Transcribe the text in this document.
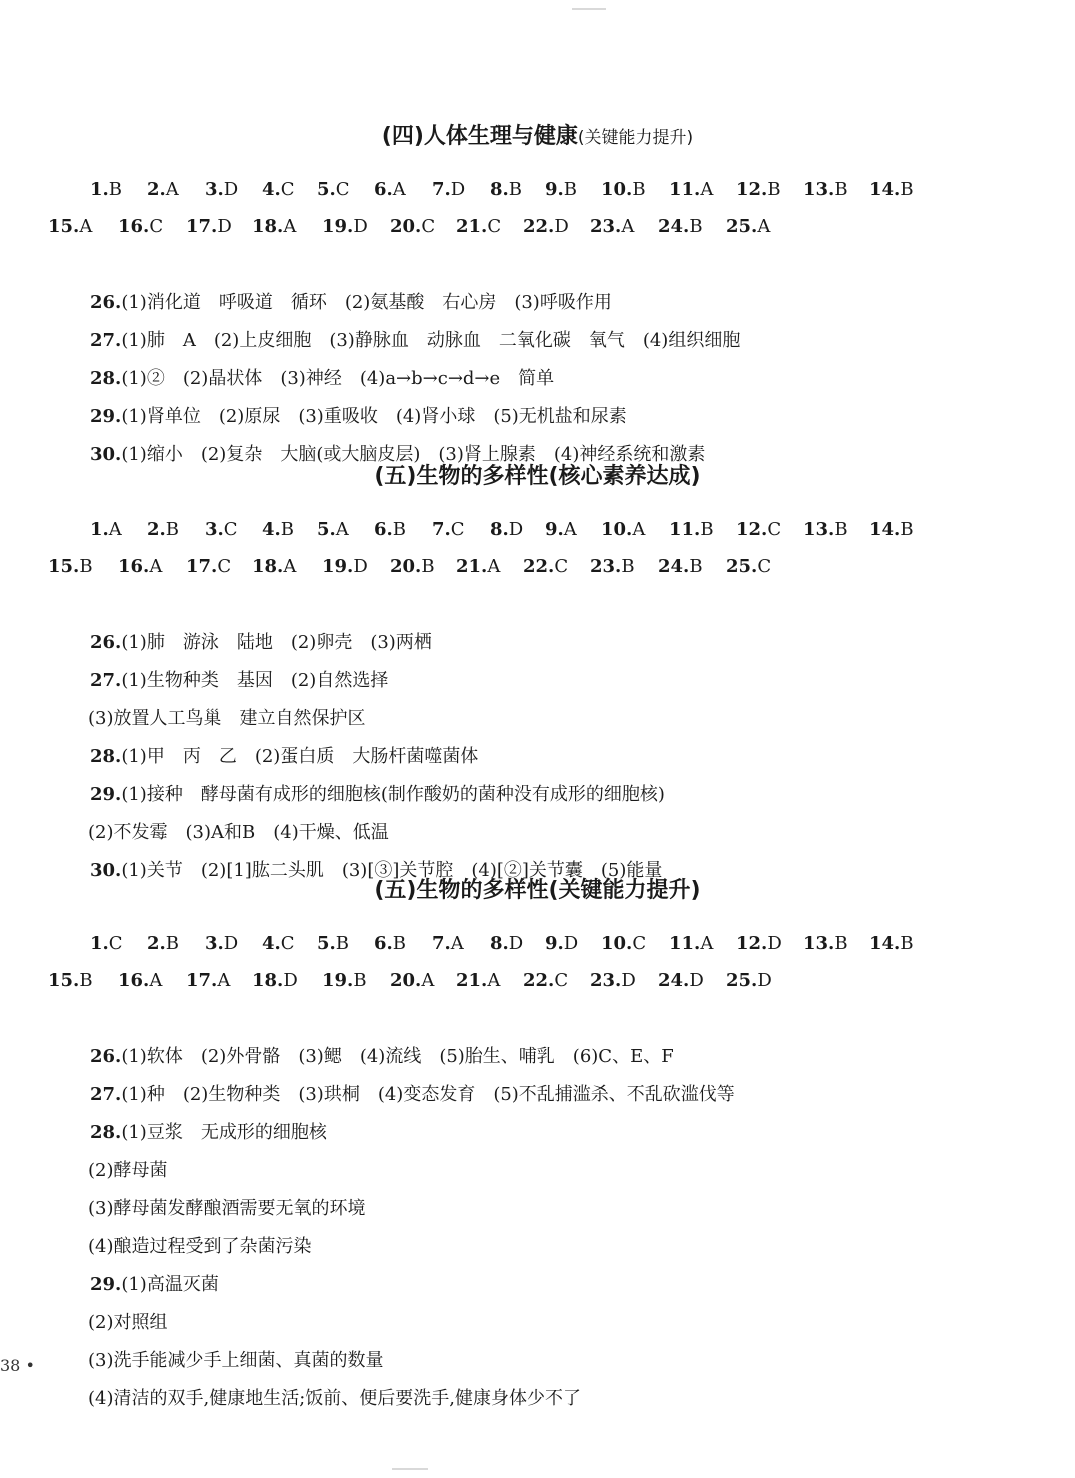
(四)人体生理与健康(关键能力提升)
1.B 2.A 3.D 4.C 5.C 6.A 7.D 8.B 9.B 10.B 11.A 12.B 13.B 14.B
15.A 16.C 17.D 18.A 19.D 20.C 21.C 22.D 23.A 24.B 25.A
26.(1)消化道　呼吸道　循环　(2)氨基酸　右心房　(3)呼吸作用
27.(1)肺　A　(2)上皮细胞　(3)静脉血　动脉血　二氧化碳　氧气　(4)组织细胞
28.(1)②　(2)晶状体　(3)神经　(4)a→b→c→d→e　简单
29.(1)肾单位　(2)原尿　(3)重吸收　(4)肾小球　(5)无机盐和尿素
30.(1)缩小　(2)复杂　大脑(或大脑皮层)　(3)肾上腺素　(4)神经系统和激素
(五)生物的多样性(核心素养达成)
1.A 2.B 3.C 4.B 5.A 6.B 7.C 8.D 9.A 10.A 11.B 12.C 13.B 14.B
15.B 16.A 17.C 18.A 19.D 20.B 21.A 22.C 23.B 24.B 25.C
26.(1)肺　游泳　陆地　(2)卵壳　(3)两栖
27.(1)生物种类　基因　(2)自然选择
(3)放置人工鸟巢　建立自然保护区
28.(1)甲　丙　乙　(2)蛋白质　大肠杆菌噬菌体
29.(1)接种　酵母菌有成形的细胞核(制作酸奶的菌种没有成形的细胞核)
(2)不发霉　(3)A和B　(4)干燥、低温
30.(1)关节　(2)[1]肱二头肌　(3)[③]关节腔　(4)[②]关节囊　(5)能量
(五)生物的多样性(关键能力提升)
1.C 2.B 3.D 4.C 5.B 6.B 7.A 8.D 9.D 10.C 11.A 12.D 13.B 14.B
15.B 16.A 17.A 18.D 19.B 20.A 21.A 22.C 23.D 24.D 25.D
26.(1)软体　(2)外骨骼　(3)鳃　(4)流线　(5)胎生、哺乳　(6)C、E、F
27.(1)种　(2)生物种类　(3)珙桐　(4)变态发育　(5)不乱捕滥杀、不乱砍滥伐等
28.(1)豆浆　无成形的细胞核
(2)酵母菌
(3)酵母菌发酵酿酒需要无氧的环境
(4)酿造过程受到了杂菌污染
29.(1)高温灭菌
(2)对照组
(3)洗手能减少手上细菌、真菌的数量
(4)清洁的双手,健康地生活;饭前、便后要洗手,健康身体少不了
38 •
